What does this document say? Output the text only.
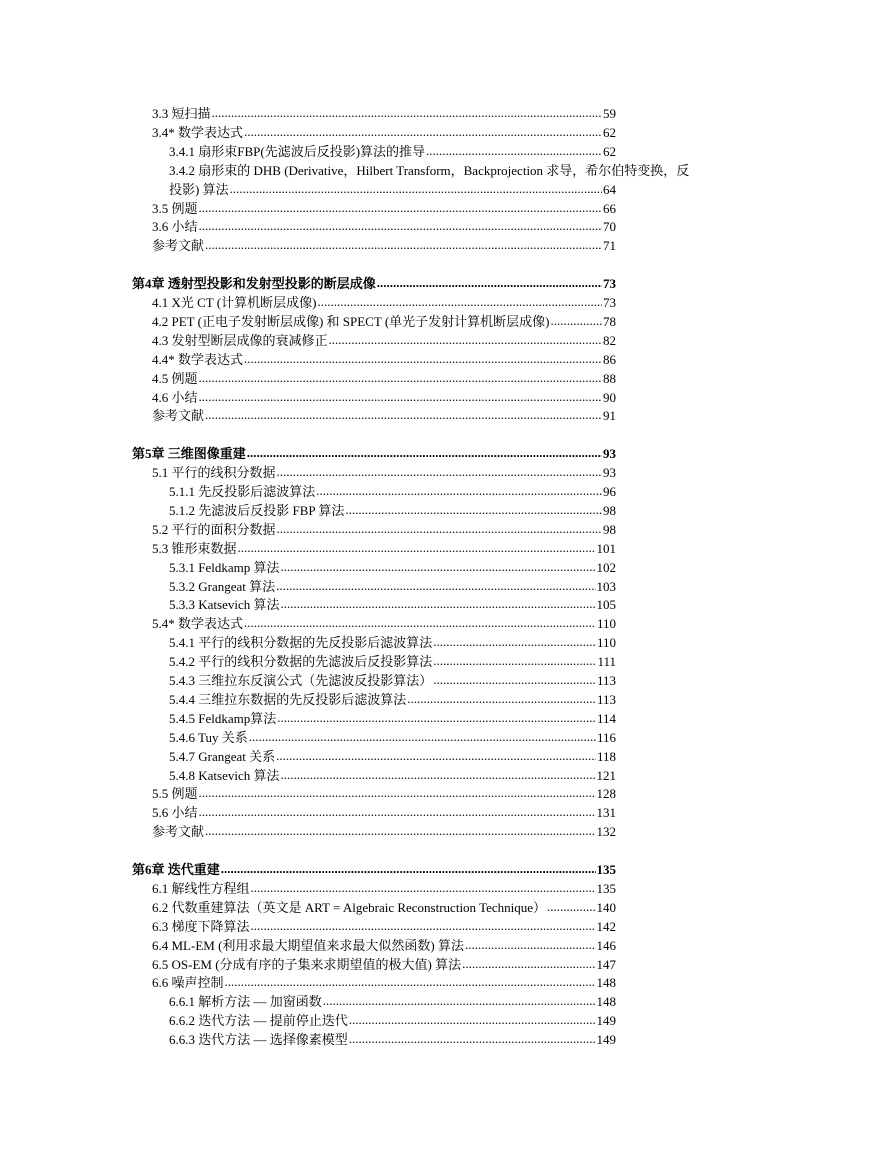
3.3 短扫描 .....	59
3.4* 数学表达式 .....	62
3.4.1 扇形束FBP(先滤波后反投影)算法的推导 .....	62
3.4.2 扇形束的 DHB (Derivative，Hilbert Transform，Backprojection 求导，希尔伯特变换，反
投影) 算法 .....	64
3.5 例题 .....	66
3.6 小结 .....	70
参考文献 .....	71
第4章 透射型投影和发射型投影的断层成像 .....	73
4.1 X光 CT (计算机断层成像) .....	73
4.2 PET (正电子发射断层成像) 和 SPECT (单光子发射计算机断层成像) .....	78
4.3 发射型断层成像的衰减修正 .....	82
4.4* 数学表达式 .....	86
4.5 例题 .....	88
4.6 小结 .....	90
参考文献 .....	91
第5章 三维图像重建 .....	93
5.1 平行的线积分数据 .....	93
5.1.1 先反投影后滤波算法 .....	96
5.1.2 先滤波后反投影 FBP 算法 .....	98
5.2 平行的面积分数据 .....	98
5.3 锥形束数据 .....	101
5.3.1 Feldkamp 算法 .....	102
5.3.2 Grangeat 算法 .....	103
5.3.3 Katsevich 算法 .....	105
5.4* 数学表达式 .....	110
5.4.1 平行的线积分数据的先反投影后滤波算法 .....	110
5.4.2 平行的线积分数据的先滤波后反投影算法 .....	111
5.4.3 三维拉东反演公式（先滤波反投影算法） .....	113
5.4.4 三维拉东数据的先反投影后滤波算法 .....	113
5.4.5 Feldkamp算法 .....	114
5.4.6 Tuy 关系 .....	116
5.4.7 Grangeat 关系 .....	118
5.4.8 Katsevich 算法 .....	121
5.5 例题 .....	128
5.6 小结 .....	131
参考文献 .....	132
第6章 迭代重建 .....	135
6.1 解线性方程组 .....	135
6.2 代数重建算法（英文是 ART = Algebraic Reconstruction Technique） .....	140
6.3 梯度下降算法 .....	142
6.4 ML-EM (利用求最大期望值来求最大似然函数) 算法 .....	146
6.5 OS-EM (分成有序的子集来求期望值的极大值) 算法 .....	147
6.6 噪声控制 .....	148
6.6.1 解析方法 — 加窗函数 .....	148
6.6.2 迭代方法 — 提前停止迭代 .....	149
6.6.3 迭代方法 — 选择像素模型 .....	149
